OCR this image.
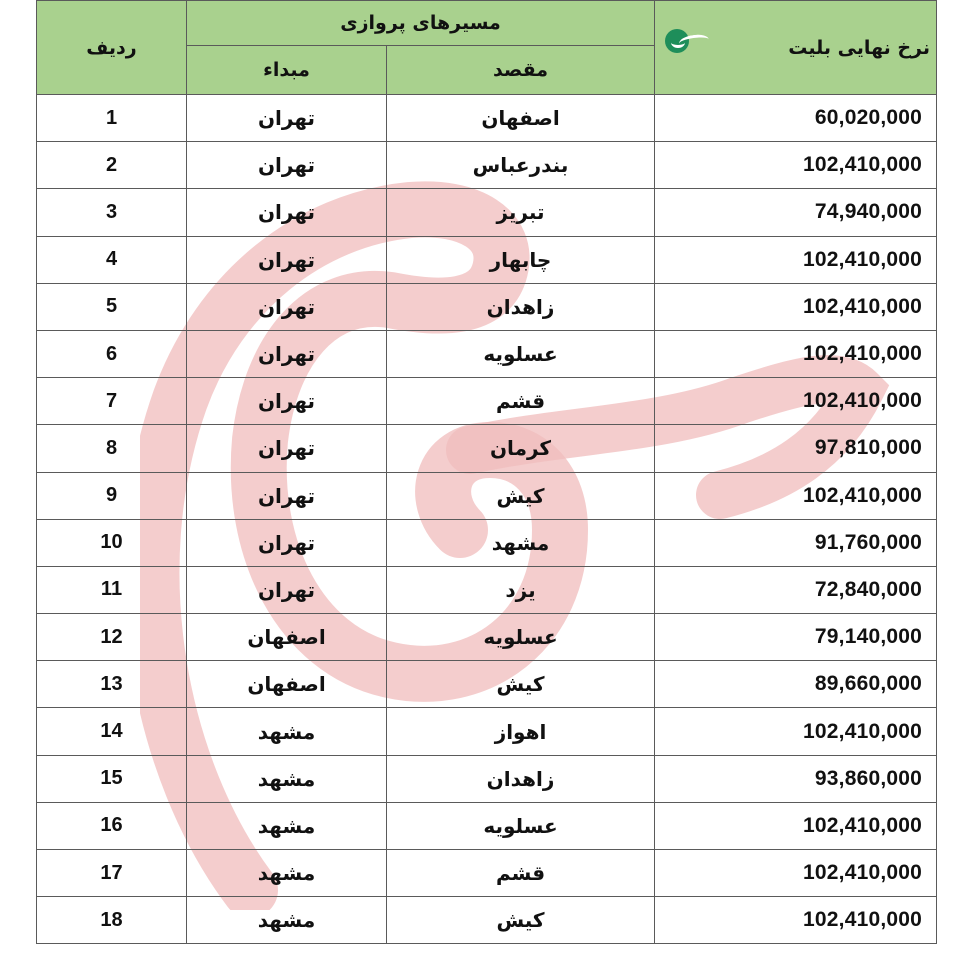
ردیف	مسیرهای پروازی		نرخ نهایی بلیت

	مبداء	مقصد	
1	تهران	اصفهان	60,020,000
2	تهران	بندرعباس	102,410,000
3	تهران	تبریز	74,940,000
4	تهران	چابهار	102,410,000
5	تهران	زاهدان	102,410,000
6	تهران	عسلویه	102,410,000
7	تهران	قشم	102,410,000
8	تهران	کرمان	97,810,000
9	تهران	کیش	102,410,000
10	تهران	مشهد	91,760,000
11	تهران	یزد	72,840,000
12	اصفهان	عسلویه	79,140,000
13	اصفهان	کیش	89,660,000
14	مشهد	اهواز	102,410,000
15	مشهد	زاهدان	93,860,000
16	مشهد	عسلویه	102,410,000
17	مشهد	قشم	102,410,000
18	مشهد	کیش	102,410,000
